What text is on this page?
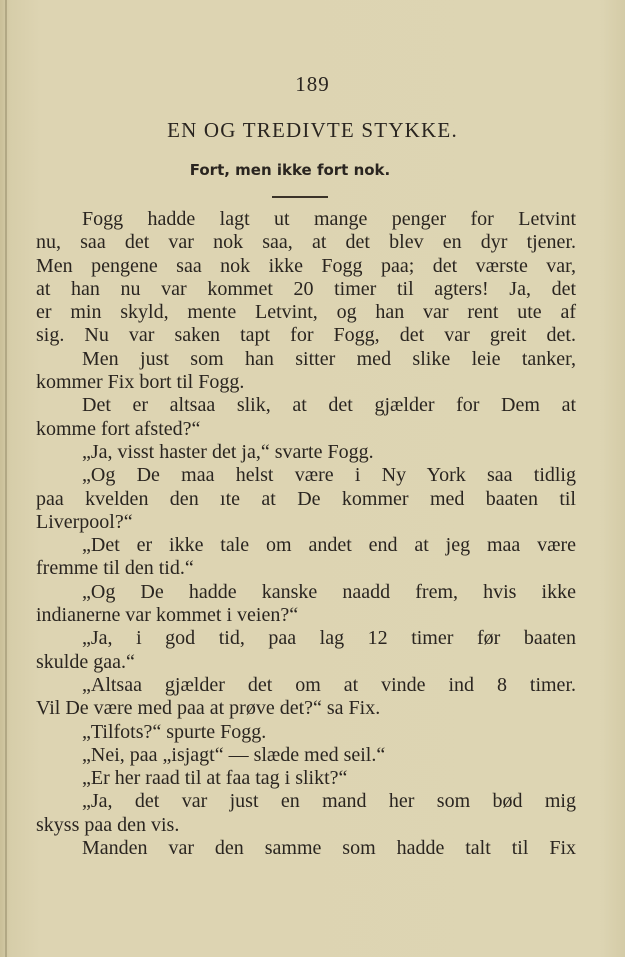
189
EN OG TREDIVTE STYKKE.
Fort, men ikke fort nok.
Fogg hadde lagt ut mange penger for Letvint
nu, saa det var nok saa, at det blev en dyr tjener.
Men pengene saa nok ikke Fogg paa; det værste var,
at han nu var kommet 20 timer til agters! Ja, det
er min skyld, mente Letvint, og han var rent ute af
sig. Nu var saken tapt for Fogg, det var greit det.
Men just som han sitter med slike leie tanker,
kommer Fix bort til Fogg.
Det er altsaa slik, at det gjælder for Dem at
komme fort afsted?“
„Ja, visst haster det ja,“ svarte Fogg.
„Og De maa helst være i Ny York saa tidlig
paa kvelden den ıte at De kommer med baaten til
Liverpool?“
„Det er ikke tale om andet end at jeg maa være
fremme til den tid.“
„Og De hadde kanske naadd frem, hvis ikke
indianerne var kommet i veien?“
„Ja, i god tid, paa lag 12 timer før baaten
skulde gaa.“
„Altsaa gjælder det om at vinde ind 8 timer.
Vil De være med paa at prøve det?“ sa Fix.
„Tilfots?“ spurte Fogg.
„Nei, paa „isjagt“ — slæde med seil.“
„Er her raad til at faa tag i slikt?“
„Ja, det var just en mand her som bød mig
skyss paa den vis.
Manden var den samme som hadde talt til Fix
